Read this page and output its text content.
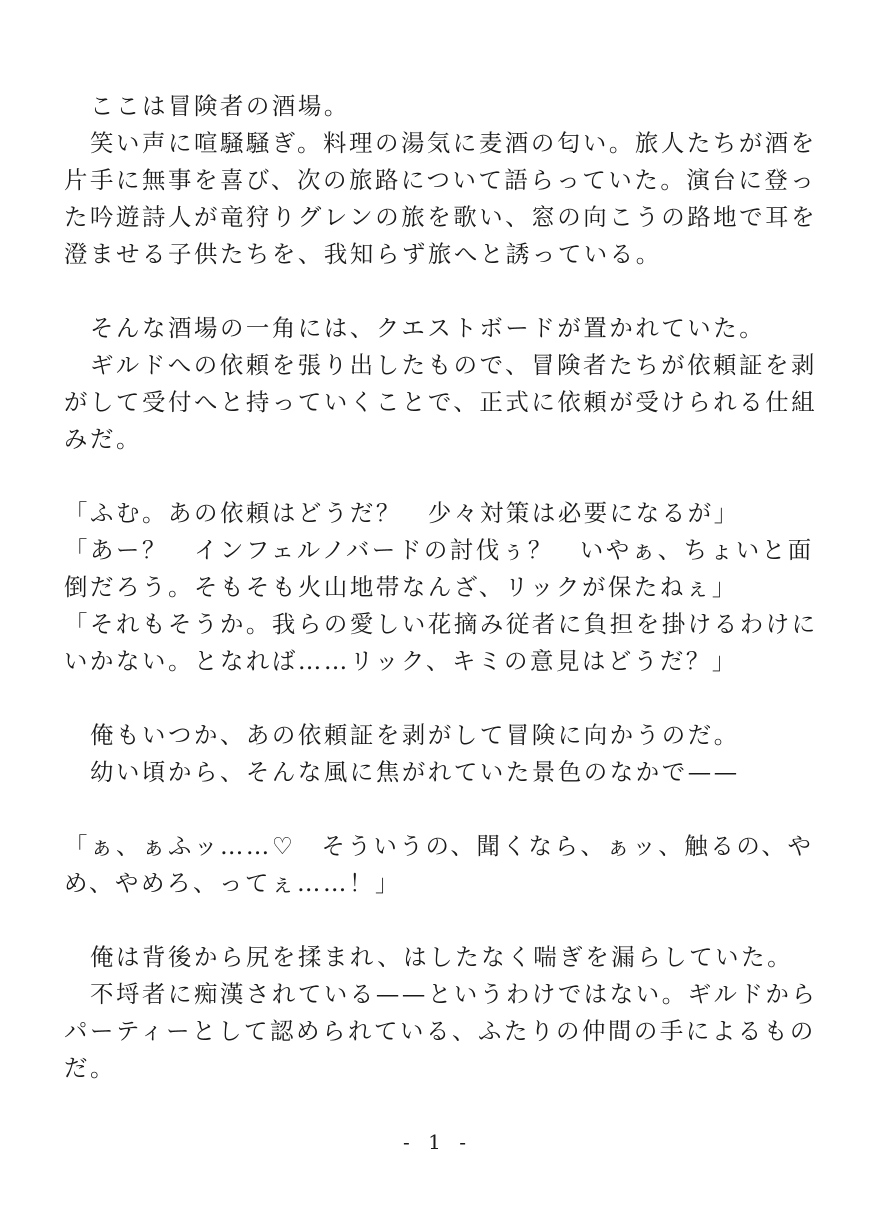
　ここは冒険者の酒場。
　笑い声に喧騒騒ぎ。料理の湯気に麦酒の匂い。旅人たちが酒を
片手に無事を喜び、次の旅路について語らっていた。演台に登っ
た吟遊詩人が竜狩りグレンの旅を歌い、窓の向こうの路地で耳を
澄ませる子供たちを、我知らず旅へと誘っている。
　そんな酒場の一角には、クエストボードが置かれていた。
　ギルドへの依頼を張り出したもので、冒険者たちが依頼証を剥
がして受付へと持っていくことで、正式に依頼が受けられる仕組
みだ。
「ふむ。あの依頼はどうだ？　少々対策は必要になるが」
「あー？　インフェルノバードの討伐ぅ？　いやぁ、ちょいと面
倒だろう。そもそも火山地帯なんざ、リックが保たねぇ」
「それもそうか。我らの愛しい花摘み従者に負担を掛けるわけに
いかない。となれば……リック、キミの意見はどうだ？」
　俺もいつか、あの依頼証を剥がして冒険に向かうのだ。
　幼い頃から、そんな風に焦がれていた景色のなかで——
「ぁ、ぁふッ……♡　そういうの、聞くなら、ぁッ、触るの、や
め、やめろ、ってぇ……！」
　俺は背後から尻を揉まれ、はしたなく喘ぎを漏らしていた。
　不埒者に痴漢されている——というわけではない。ギルドから
パーティーとして認められている、ふたりの仲間の手によるもの
だ。
- 1 -
